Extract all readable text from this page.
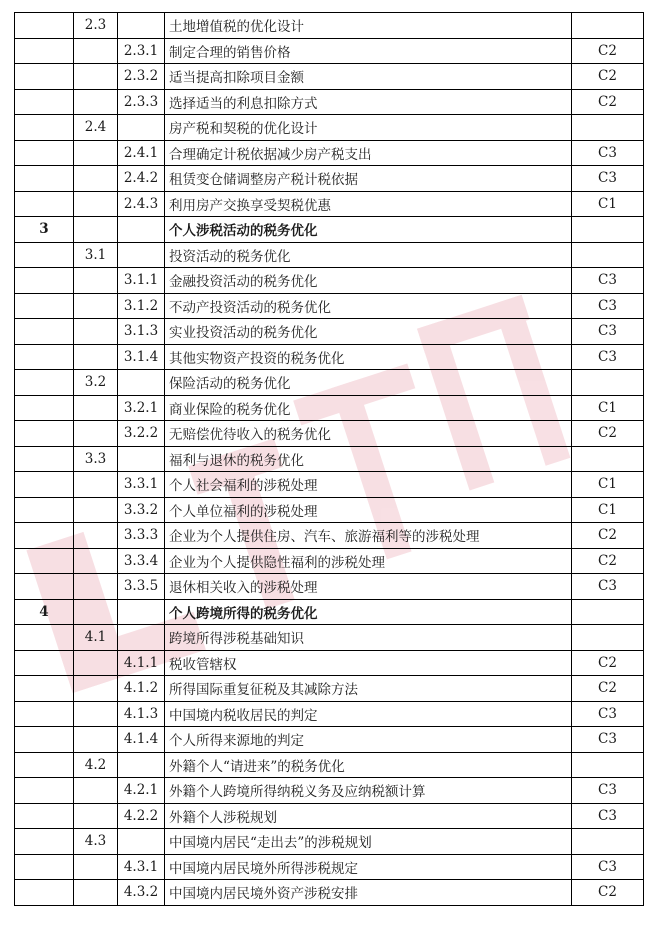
	2.3		土地增值税的优化设计	
		2.3.1	制定合理的销售价格	C2
		2.3.2	适当提高扣除项目金额	C2
		2.3.3	选择适当的利息扣除方式	C2
	2.4		房产税和契税的优化设计	
		2.4.1	合理确定计税依据减少房产税支出	C3
		2.4.2	租赁变仓储调整房产税计税依据	C3
		2.4.3	利用房产交换享受契税优惠	C1
3			个人涉税活动的税务优化	
	3.1		投资活动的税务优化	
		3.1.1	金融投资活动的税务优化	C3
		3.1.2	不动产投资活动的税务优化	C3
		3.1.3	实业投资活动的税务优化	C3
		3.1.4	其他实物资产投资的税务优化	C3
	3.2		保险活动的税务优化	
		3.2.1	商业保险的税务优化	C1
		3.2.2	无赔偿优待收入的税务优化	C2
	3.3		福利与退休的税务优化	
		3.3.1	个人社会福利的涉税处理	C1
		3.3.2	个人单位福利的涉税处理	C1
		3.3.3	企业为个人提供住房、汽车、旅游福利等的涉税处理	C2
		3.3.4	企业为个人提供隐性福利的涉税处理	C2
		3.3.5	退休相关收入的涉税处理	C3
4			个人跨境所得的税务优化	
	4.1		跨境所得涉税基础知识	
		4.1.1	税收管辖权	C2
		4.1.2	所得国际重复征税及其减除方法	C2
		4.1.3	中国境内税收居民的判定	C3
		4.1.4	个人所得来源地的判定	C3
	4.2		外籍个人“请进来”的税务优化	
		4.2.1	外籍个人跨境所得纳税义务及应纳税额计算	C3
		4.2.2	外籍个人涉税规划	C3
	4.3		中国境内居民“走出去”的涉税规划	
		4.3.1	中国境内居民境外所得涉税规定	C3
		4.3.2	中国境内居民境外资产涉税安排	C2
